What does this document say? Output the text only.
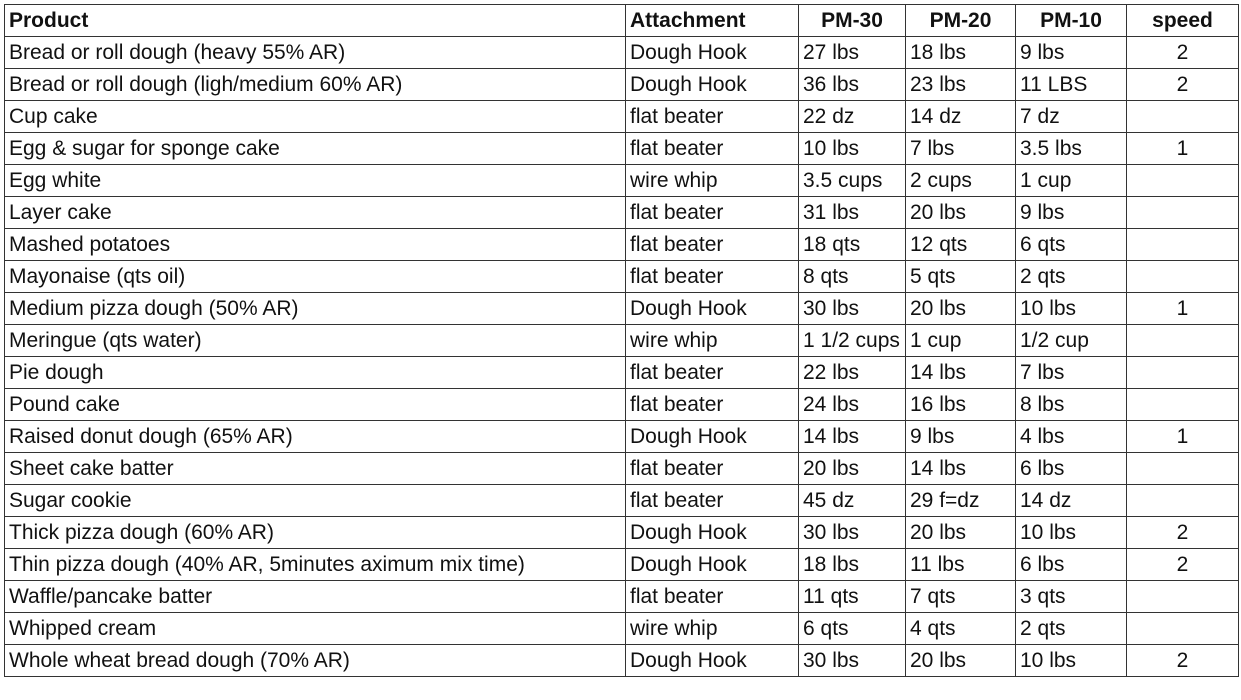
Product	Attachment	PM-30	PM-20	PM-10	speed
Bread or roll dough (heavy 55% AR)	Dough Hook	27 lbs	18 lbs	9 lbs	2
Bread or roll dough (ligh/medium 60% AR)	Dough Hook	36 lbs	23 lbs	11 LBS	2
Cup cake	flat beater	22 dz	14 dz	7 dz	
Egg & sugar for sponge cake	flat beater	10 lbs	7 lbs	3.5 lbs	1
Egg white	wire whip	3.5 cups	2 cups	1 cup	
Layer cake	flat beater	31 lbs	20 lbs	9 lbs	
Mashed potatoes	flat beater	18 qts	12 qts	6 qts	
Mayonaise (qts oil)	flat beater	8 qts	5 qts	2 qts	
Medium pizza dough (50% AR)	Dough Hook	30 lbs	20 lbs	10 lbs	1
Meringue (qts water)	wire whip	1 1/2 cups	1 cup	1/2 cup	
Pie dough	flat beater	22 lbs	14 lbs	7 lbs	
Pound cake	flat beater	24 lbs	16 lbs	8 lbs	
Raised donut dough (65% AR)	Dough Hook	14 lbs	9 lbs	4 lbs	1
Sheet cake batter	flat beater	20 lbs	14 lbs	6 lbs	
Sugar cookie	flat beater	45 dz	29 f=dz	14 dz	
Thick pizza dough (60% AR)	Dough Hook	30 lbs	20 lbs	10 lbs	2
Thin pizza dough (40% AR, 5minutes aximum mix time)	Dough Hook	18 lbs	11 lbs	6 lbs	2
Waffle/pancake batter	flat beater	11 qts	7 qts	3 qts	
Whipped cream	wire whip	6 qts	4 qts	2 qts	
Whole wheat bread dough (70% AR)	Dough Hook	30 lbs	20 lbs	10 lbs	2
